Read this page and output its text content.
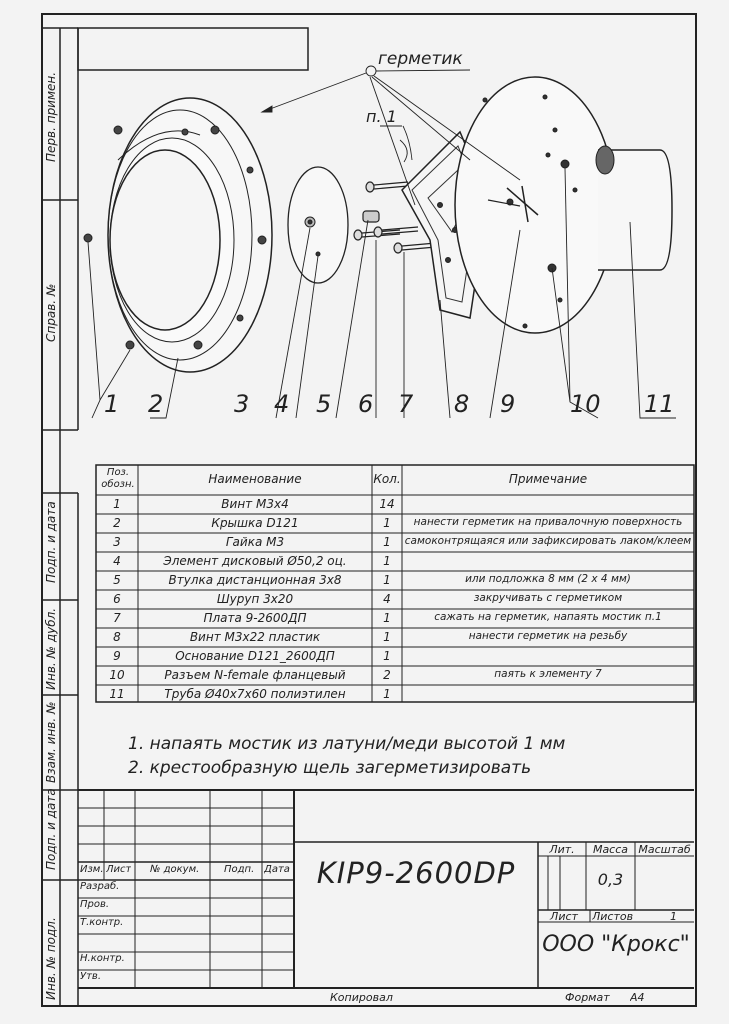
1 2	3 4 5 6 7 8 9 10 11
герметик
п. 1
Перв. примен.
Справ. №
Подп. и дата
Инв. № дубл.
Взам. инв. №
Подп. и дата
Инв. № подл.
Поз. обозн.	Наименование	Кол.	Примечание
1	Винт М3х4	14
2	Крышка D121	1	нанести герметик на привалочную поверхность
3	Гайка М3	1	самоконтрящаяся или зафиксировать лаком/клеем
4	Элемент дисковый Ø50,2 оц.	1
5	Втулка дистанционная 3х8	1	или подложка 8 мм (2 х 4 мм)
6	Шуруп 3х20	4	закручивать с герметиком
7	Плата 9-2600ДП	1	сажать на герметик, напаять мостик п.1
8	Винт М3х22 пластик	1	нанести герметик на резьбу
9	Основание D121_2600ДП	1
10	Разъем N-female фланцевый	2	паять к элементу 7
11	Труба Ø40х7х60 полиэтилен	1
1. напаять мостик из латуни/меди высотой 1 мм
2. крестообразную щель загерметизировать
Изм. Лист № докум. Подп. Дата
Разраб.
Пров.
Т.контр.
Н.контр.
Утв.
KIP9-2600DP
Лит.	Масса Масштаб
0,3
Лист	Листов	1
ООО "Крокс"
Копировал	Формат А4
